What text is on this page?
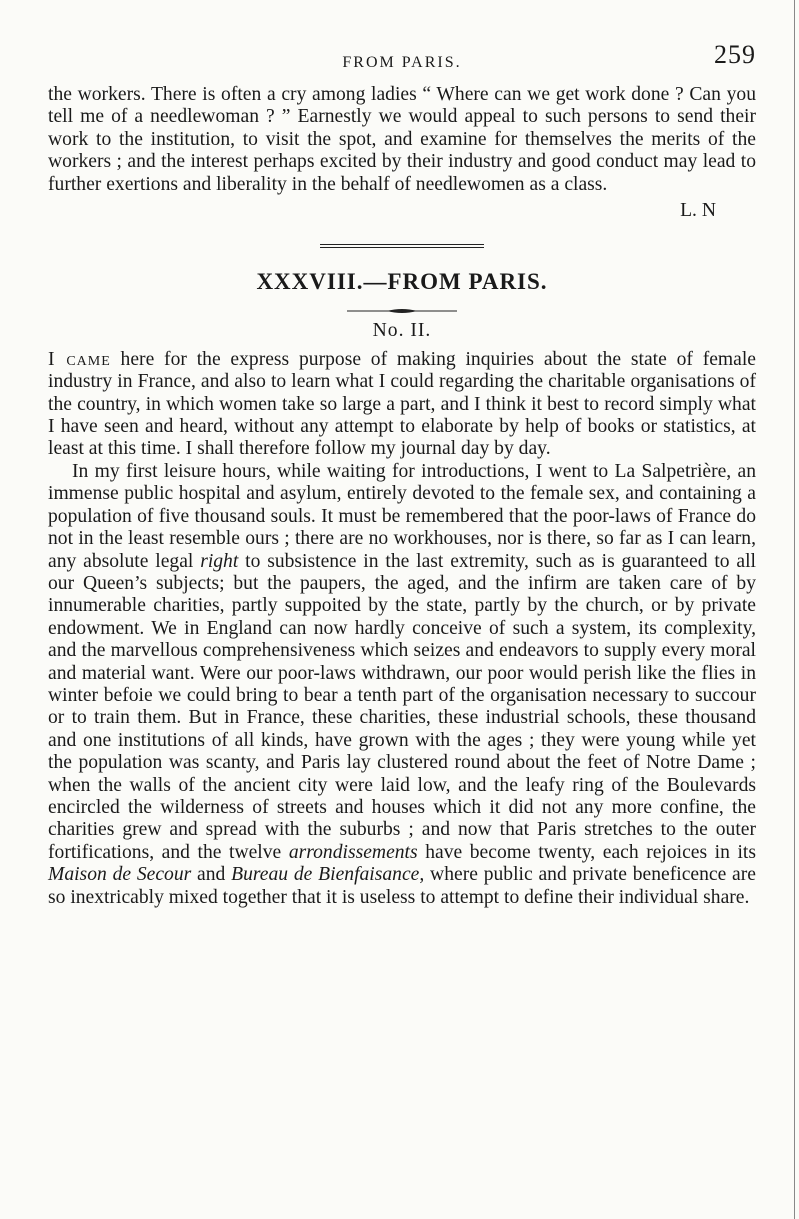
FROM PARIS.	259

the workers. There is often a cry among ladies “ Where can we get work done ? Can you tell me of a needlewoman ? ” Earnestly we would appeal to such persons to send their work to the institution, to visit the spot, and examine for themselves the merits of the workers ; and the interest perhaps excited by their industry and good conduct may lead to further exertions and liberality in the behalf of needlewomen as a class.

L. N

XXXVIII.—FROM PARIS.
No. II.

I came here for the express purpose of making inquiries about the state of female industry in France, and also to learn what I could regarding the charitable organisations of the country, in which women take so large a part, and I think it best to record simply what I have seen and heard, without any attempt to elaborate by help of books or statistics, at least at this time. I shall therefore follow my journal day by day.

In my first leisure hours, while waiting for introductions, I went to La Salpetrière, an immense public hospital and asylum, entirely devoted to the female sex, and containing a population of five thousand souls. It must be remembered that the poor-laws of France do not in the least resemble ours ; there are no workhouses, nor is there, so far as I can learn, any absolute legal right to subsistence in the last extremity, such as is guaranteed to all our Queen’s subjects; but the paupers, the aged, and the infirm are taken care of by innumerable charities, partly suppoited by the state, partly by the church, or by private endowment. We in England can now hardly conceive of such a system, its complexity, and the marvellous comprehensiveness which seizes and endeavors to supply every moral and material want. Were our poor-laws withdrawn, our poor would perish like the flies in winter befoie we could bring to bear a tenth part of the organisation necessary to succour or to train them. But in France, these charities, these industrial schools, these thousand and one institutions of all kinds, have grown with the ages ; they were young while yet the population was scanty, and Paris lay clustered round about the feet of Notre Dame ; when the walls of the ancient city were laid low, and the leafy ring of the Boulevards encircled the wilderness of streets and houses which it did not any more confine, the charities grew and spread with the suburbs ; and now that Paris stretches to the outer fortifications, and the twelve arrondissements have become twenty, each rejoices in its Maison de Secour and Bureau de Bienfaisance, where public and private beneficence are so inextricably mixed together that it is useless to attempt to define their individual share.
